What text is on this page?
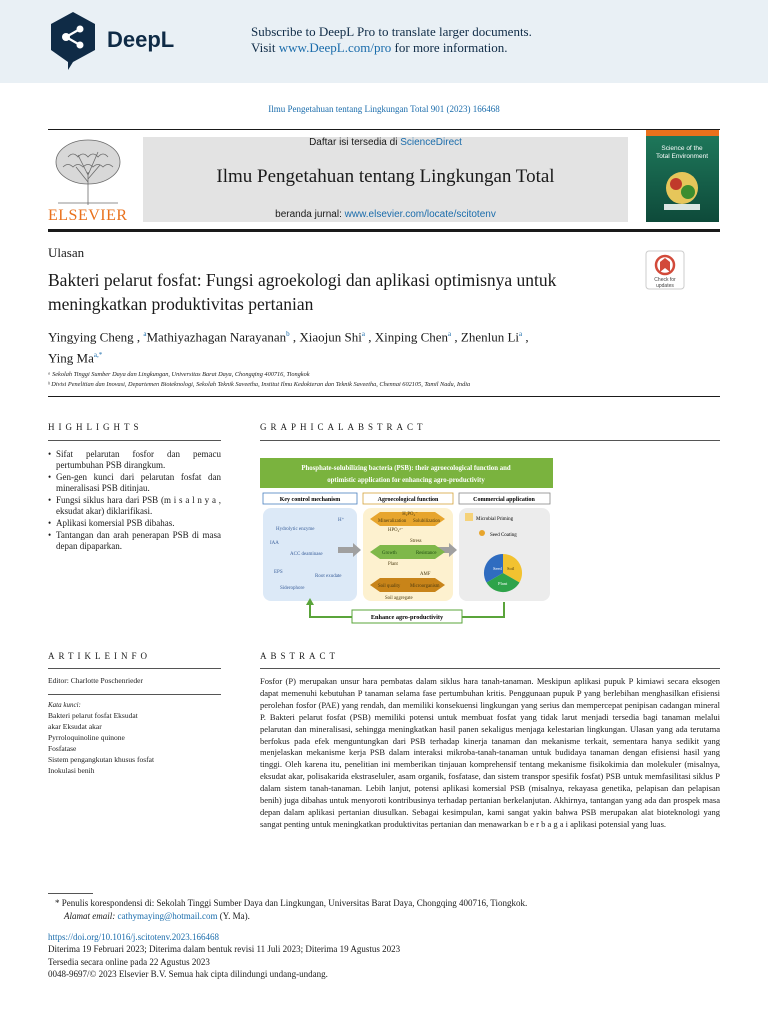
DeepL	Subscribe to DeepL Pro to translate larger documents.
Visit www.DeepL.com/pro for more information.
Ilmu Pengetahuan tentang Lingkungan Total 901 (2023) 166468
ELSEVIER
Daftar isi tersedia di ScienceDirect
Ilmu Pengetahuan tentang Lingkungan Total
beranda jurnal: www.elsevier.com/locate/scitotenv
Science of the
Total Environment
Ulasan
Bakteri pelarut fosfat: Fungsi agroekologi dan aplikasi optimisnya untuk meningkatkan produktivitas pertanian
Check for
updates
Yingying Cheng , $^a$Mathiyazhagan Narayanan$^b$ , Xiaojun Shi$^a$ , Xinping Chen$^a$ , Zhenlun Li$^a$ ,
Ying $Ma^{a,*}$
ᵃ Sekolah Tinggi Sumber Daya dan Lingkungan, Universitas Barat Daya, Chongqing 400716, Tiongkok
ᵇ Divisi Penelitian dan Inovasi, Departemen Bioteknologi, Sekolah Teknik Saveetha, Institut Ilmu Kedokteran dan Teknik Saveetha, Chennai 602105, Tamil Nadu, India
HIGHLIGHTS
• Sifat pelarutan fosfor dan pemacu pertumbuhan PSB dirangkum.
• Gen-gen kunci dari pelarutan fosfat dan mineralisasi PSB ditinjau.
• Fungsi siklus hara dari PSB (m i s a l n y a , eksudat akar) diklarifikasi.
• Aplikasi komersial PSB dibahas.
• Tantangan dan arah penerapan PSB di masa depan dipaparkan.
GRAPHICALABSTRACT
Phosphate-solubilizing bacteria (PSB): their agroecological function and
optimistic application for enhancing agro-productivity
Key control mechanism	Agroecological function	Commercial application
H⁺
Hydrolytic enzyme
IAA
ACC deaminase
EPS
Root exudate
Siderophore
H₂PO₄⁻
Mineralization Solubilization
HPO₄²⁻
Stress
Growth	Resistance
Plant
AMF
Soil quality Microorganism
Soil aggregate
Microbial Priming
Seed Coating
Seed Soil
Plant
Enhance agro-productivity
ARTIKLEINFO
Editor: Charlotte Poschenrieder
Kata kunci:
Bakteri pelarut fosfat Eksudat
akar Eksudat akar
Pyrroloquinoline quinone
Fosfatase
Sistem pengangkutan khusus fosfat
Inokulasi benih
ABSTRACT
Fosfor (P) merupakan unsur hara pembatas dalam siklus hara tanah-tanaman. Meskipun aplikasi pupuk P kimiawi secara eksogen dapat memenuhi kebutuhan P tanaman selama fase pertumbuhan kritis. Penggunaan pupuk P yang berlebihan menghasilkan efisiensi perolehan fosfor (PAE) yang rendah, dan memiliki konsekuensi lingkungan yang serius dan mempercepat penipisan cadangan mineral P. Bakteri pelarut fosfat (PSB) memiliki potensi untuk membuat fosfat yang tidak larut menjadi tersedia bagi tanaman melalui pelarutan dan mineralisasi, sehingga meningkatkan hasil panen sekaligus menjaga kelestarian lingkungan. Ulasan yang ada terutama berfokus pada efek menguntungkan dari PSB terhadap kinerja tanaman dan mekanisme terkait, sementara hanya sedikit yang menjelaskan mekanisme kerja PSB dalam interaksi mikroba-tanah-tanaman untuk budidaya tanaman dengan efisiensi hasil yang tinggi. Oleh karena itu, penelitian ini memberikan tinjauan komprehensif tentang mekanisme fisikokimia dan molekuler (misalnya, eksudat akar, polisakarida ekstraseluler, asam organik, fosfatase, dan sistem transpor spesifik fosfat) PSB untuk memfasilitasi siklus P dalam sistem tanah-tanaman. Lebih lanjut, potensi aplikasi komersial PSB (misalnya, rekayasa genetika, pelapisan dan pelapisan benih) juga dibahas untuk menyoroti kontribusinya terhadap pertanian berkelanjutan. Akhirnya, tantangan yang ada dan prospek masa depan dalam aplikasi pertanian diusulkan. Sebagai kesimpulan, kami sangat yakin bahwa PSB merupakan alat bioteknologi yang sangat penting untuk meningkatkan produktivitas pertanian dan menawarkan b e r b a g a i aplikasi potensial yang luas.
* Penulis korespondensi di: Sekolah Tinggi Sumber Daya dan Lingkungan, Universitas Barat Daya, Chongqing 400716, Tiongkok.
Alamat email: cathymaying@hotmail.com (Y. Ma).
https://doi.org/10.1016/j.scitotenv.2023.166468
Diterima 19 Februari 2023; Diterima dalam bentuk revisi 11 Juli 2023; Diterima 19 Agustus 2023
Tersedia secara online pada 22 Agustus 2023
0048-9697/© 2023 Elsevier B.V. Semua hak cipta dilindungi undang-undang.
